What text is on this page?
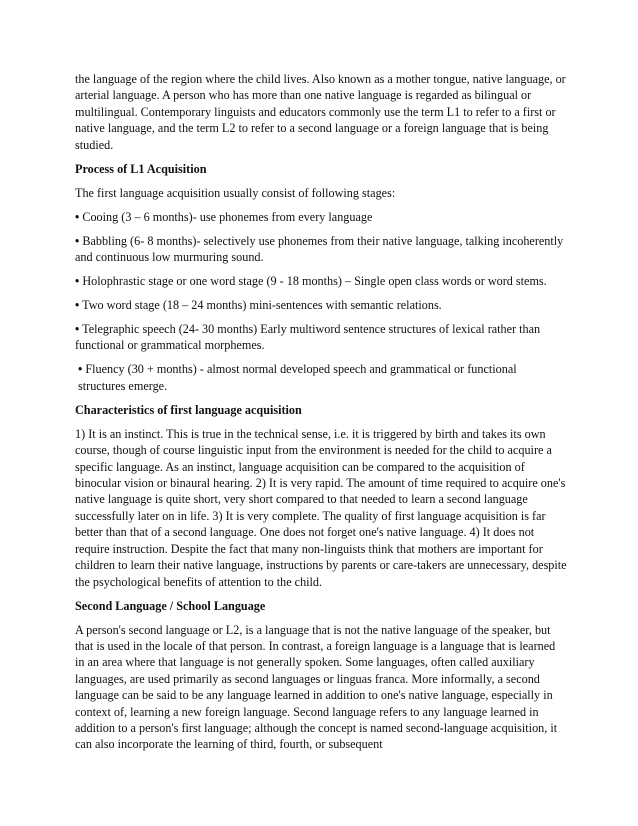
the language of the region where the child lives. Also known as a mother tongue, native language, or arterial language. A person who has more than one native language is regarded as bilingual or multilingual. Contemporary linguists and educators commonly use the term L1 to refer to a first or native language, and the term L2 to refer to a second language or a foreign language that is being studied.

Process of L1 Acquisition

The first language acquisition usually consist of following stages:

• Cooing (3 – 6 months)- use phonemes from every language

• Babbling (6- 8 months)- selectively use phonemes from their native language, talking incoherently and continuous low murmuring sound.

• Holophrastic stage or one word stage (9 - 18 months) – Single open class words or word stems.

• Two word stage (18 – 24 months) mini-sentences with semantic relations.

• Telegraphic speech (24- 30 months) Early multiword sentence structures of lexical rather than functional or grammatical morphemes.

• Fluency (30 + months) - almost normal developed speech and grammatical or functional structures emerge.

Characteristics of first language acquisition

1) It is an instinct. This is true in the technical sense, i.e. it is triggered by birth and takes its own course, though of course linguistic input from the environment is needed for the child to acquire a specific language. As an instinct, language acquisition can be compared to the acquisition of binocular vision or binaural hearing. 2) It is very rapid. The amount of time required to acquire one's native language is quite short, very short compared to that needed to learn a second language successfully later on in life. 3) It is very complete. The quality of first language acquisition is far better than that of a second language. One does not forget one's native language. 4) It does not require instruction. Despite the fact that many non-linguists think that mothers are important for children to learn their native language, instructions by parents or care-takers are unnecessary, despite the psychological benefits of attention to the child.

Second Language / School Language

A person's second language or L2, is a language that is not the native language of the speaker, but that is used in the locale of that person. In contrast, a foreign language is a language that is learned in an area where that language is not generally spoken. Some languages, often called auxiliary languages, are used primarily as second languages or linguas franca. More informally, a second language can be said to be any language learned in addition to one's native language, especially in context of, learning a new foreign language. Second language refers to any language learned in addition to a person's first language; although the concept is named second-language acquisition, it can also incorporate the learning of third, fourth, or subsequent
